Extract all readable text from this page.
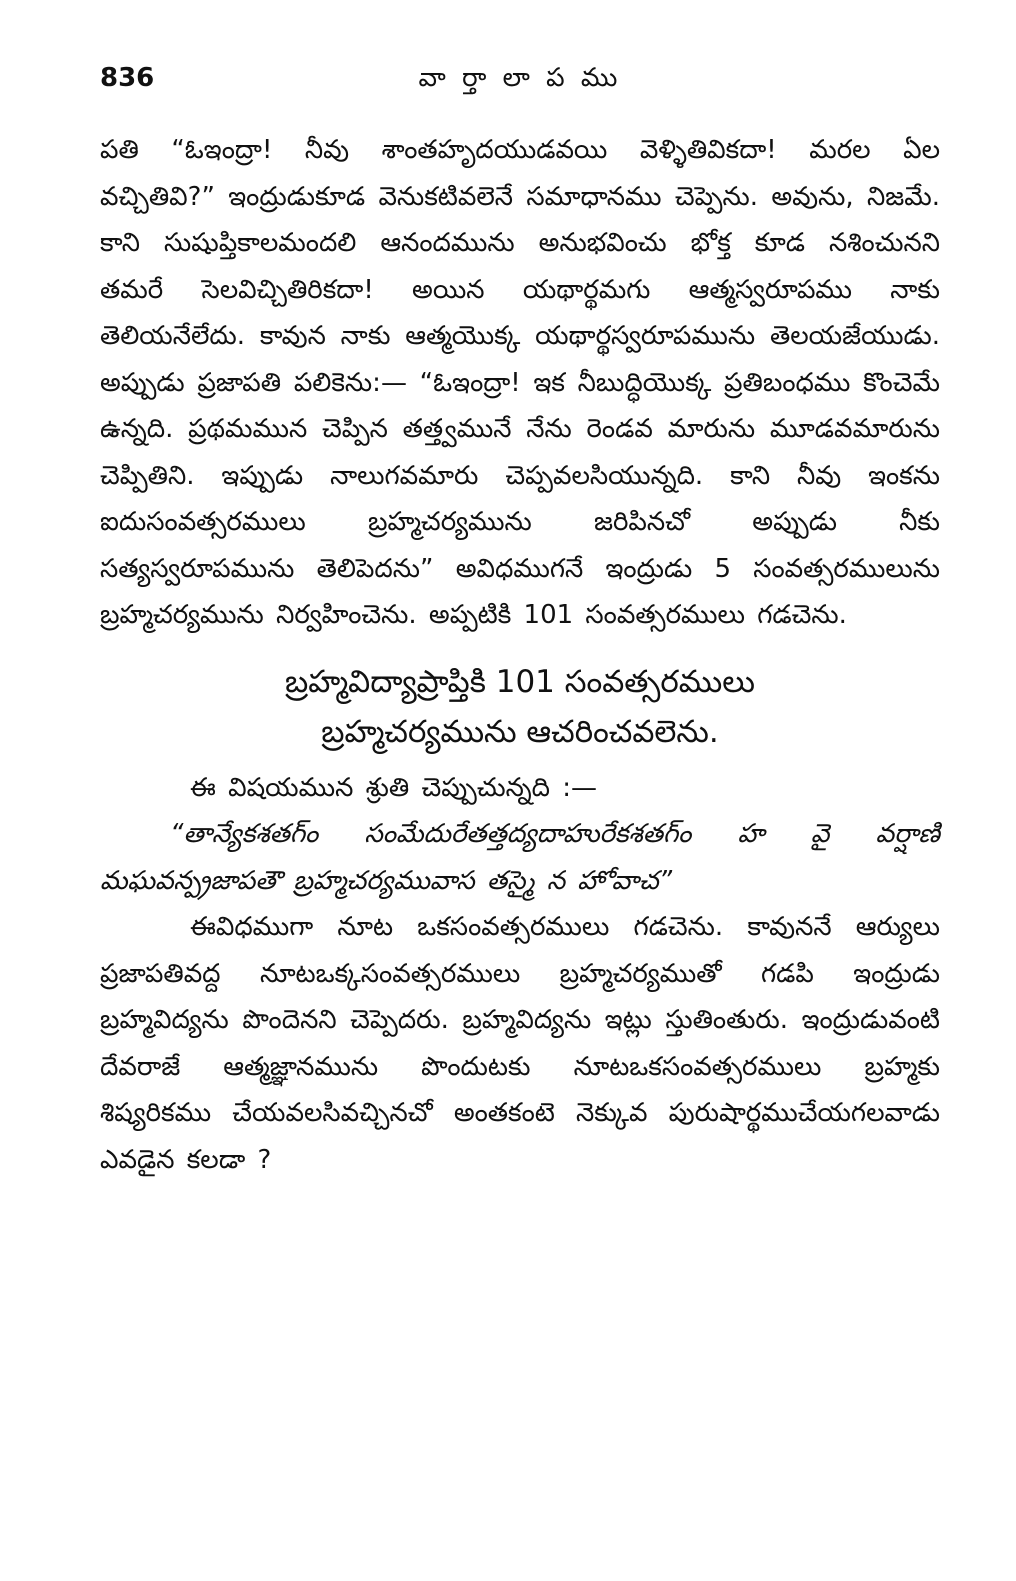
836	వా ర్తా లా ప ము

పతి “ఓఇంద్రా! నీవు శాంతహృదయుడవయి వెళ్ళితివికదా! మరల ఏల వచ్చితివి?” ఇంద్రుడుకూడ వెనుకటివలెనే సమాధానము చెప్పెను. అవును, నిజమే. కాని సుషుప్తికాలమందలి ఆనందమును అనుభవించు భోక్త కూడ నశించునని తమరే సెలవిచ్చితిరికదా! అయిన యథార్థమగు ఆత్మస్వరూపము నాకు తెలియనేలేదు. కావున నాకు ఆత్మయొక్క యథార్థస్వరూపమును తెలయజేయుడు. అప్పుడు ప్రజాపతి పలికెను:— “ఓఇంద్రా! ఇక నీబుద్ధియొక్క ప్రతిబంధము కొంచెమే ఉన్నది. ప్రథమమున చెప్పిన తత్త్వమునే నేను రెండవ మారును మూడవమారును చెప్పితిని. ఇప్పుడు నాలుగవమారు చెప్పవలసియున్నది. కాని నీవు ఇంకను ఐదుసంవత్సరములు బ్రహ్మచర్యమును జరిపినచో అప్పుడు నీకు సత్యస్వరూపమును తెలిపెదను” అవిధముగనే ఇంద్రుడు 5 సంవత్సరములును బ్రహ్మచర్యమును నిర్వహించెను. అప్పటికి 101 సంవత్సరములు గడచెను.

బ్రహ్మవిద్యాప్రాప్తికి 101 సంవత్సరములు
బ్రహ్మచర్యమును ఆచరించవలెను.

ఈ విషయమున శ్రుతి చెప్పుచున్నది :—

“తాన్యేకశతగ్ం సంమేదురేతత్తద్యదాహురేకశతగ్ం హ వై వర్షాణి మఘవన్ప్రజాపతౌ బ్రహ్మచర్యమువాస తస్మై న హోవాచ”

ఈవిధముగా నూట ఒకసంవత్సరములు గడచెను. కావుననే ఆర్యులు ప్రజాపతివద్ద నూటఒక్కసంవత్సరములు బ్రహ్మచర్యముతో గడపి ఇంద్రుడు బ్రహ్మవిద్యను పొందెనని చెప్పెదరు. బ్రహ్మవిద్యను ఇట్లు స్తుతింతురు. ఇంద్రుడువంటి దేవరాజే ఆత్మజ్ఞానమును పొందుటకు నూటఒకసంవత్సరములు బ్రహ్మకు శిష్యరికము చేయవలసివచ్చినచో అంతకంటె నెక్కువ పురుషార్థముచేయగలవాడు ఎవడైన కలడా ?
